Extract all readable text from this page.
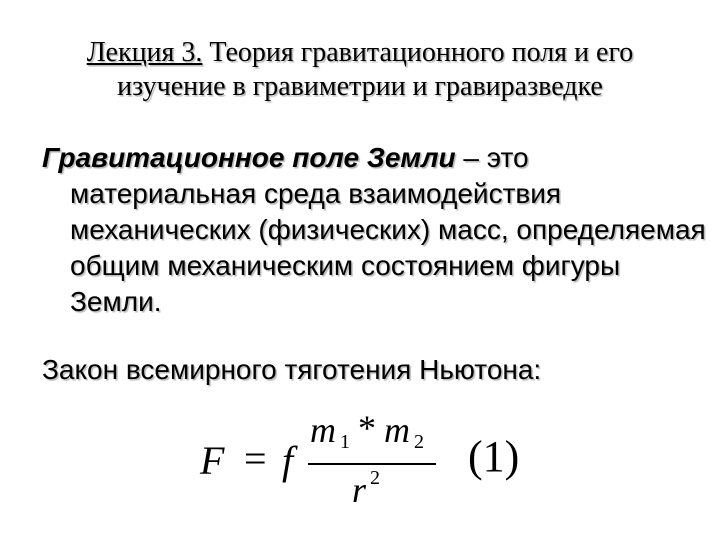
Лекция 3. Теория гравитационного поля и его
изучение в гравиметрии и гравиразведке
Гравитационное поле Земли – это материальная среда взаимодействия механических (физических) масс, определяемая общим механическим состоянием фигуры Земли.
Закон всемирного тяготения Ньютона:
F = f
m 1 * m 2
r 2 (1)
